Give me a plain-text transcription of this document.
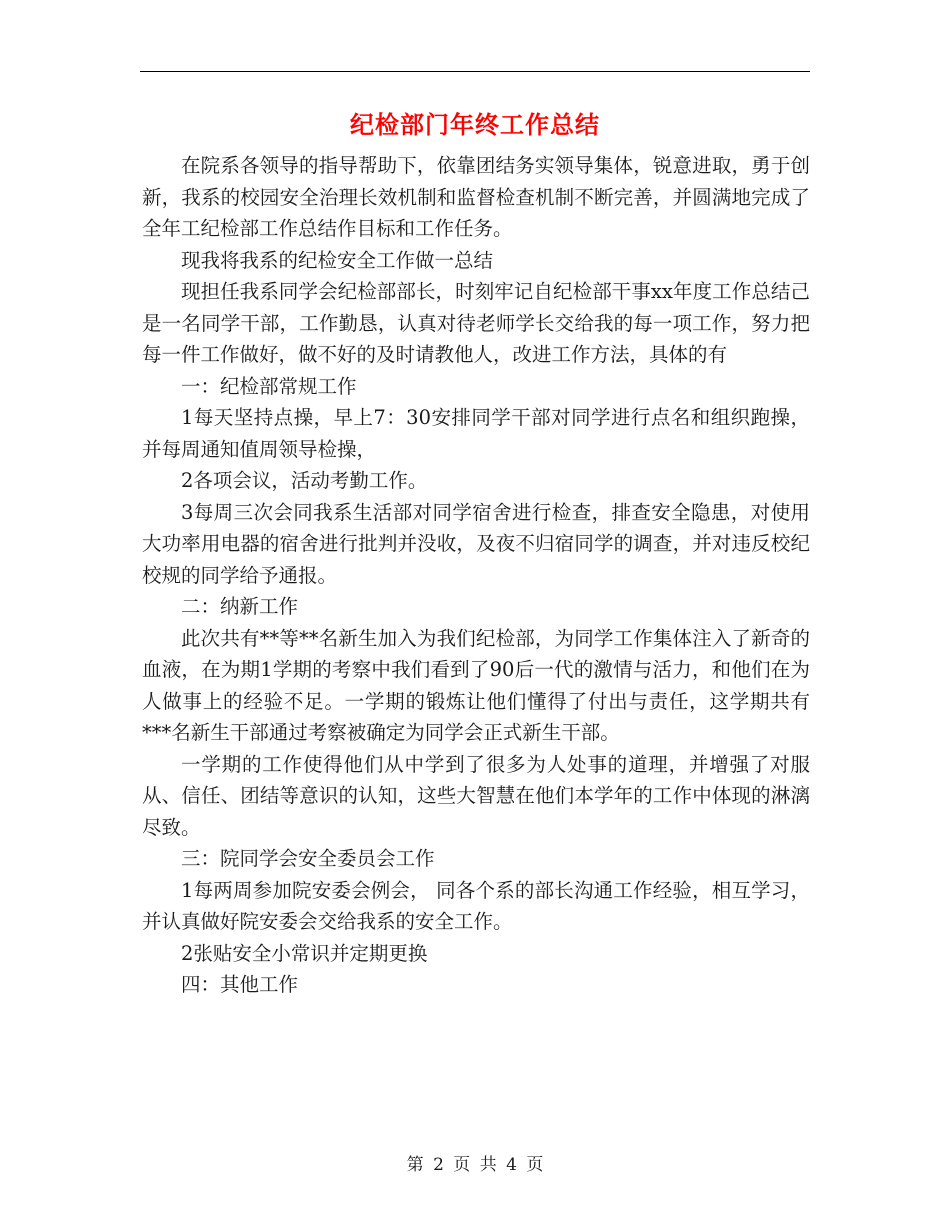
纪检部门年终工作总结

在院系各领导的指导帮助下，依靠团结务实领导集体，锐意进取，勇于创新，我系的校园安全治理长效机制和监督检查机制不断完善，并圆满地完成了全年工纪检部工作总结作目标和工作任务。

现我将我系的纪检安全工作做一总结

现担任我系同学会纪检部部长，时刻牢记自纪检部干事xx年度工作总结己是一名同学干部，工作勤恳，认真对待老师学长交给我的每一项工作，努力把每一件工作做好，做不好的及时请教他人，改进工作方法，具体的有

一：纪检部常规工作

1每天坚持点操，早上7：30安排同学干部对同学进行点名和组织跑操，并每周通知值周领导检操，

2各项会议，活动考勤工作。

3每周三次会同我系生活部对同学宿舍进行检查，排查安全隐患，对使用大功率用电器的宿舍进行批判并没收，及夜不归宿同学的调查，并对违反校纪校规的同学给予通报。

二：纳新工作

此次共有**等**名新生加入为我们纪检部，为同学工作集体注入了新奇的血液，在为期1学期的考察中我们看到了90后一代的激情与活力，和他们在为人做事上的经验不足。一学期的锻炼让他们懂得了付出与责任，这学期共有***名新生干部通过考察被确定为同学会正式新生干部。

一学期的工作使得他们从中学到了很多为人处事的道理，并增强了对服从、信任、团结等意识的认知，这些大智慧在他们本学年的工作中体现的淋漓尽致。

三：院同学会安全委员会工作

1每两周参加院安委会例会， 同各个系的部长沟通工作经验，相互学习，并认真做好院安委会交给我系的安全工作。

2张贴安全小常识并定期更换

四：其他工作

第 2 页 共 4 页
